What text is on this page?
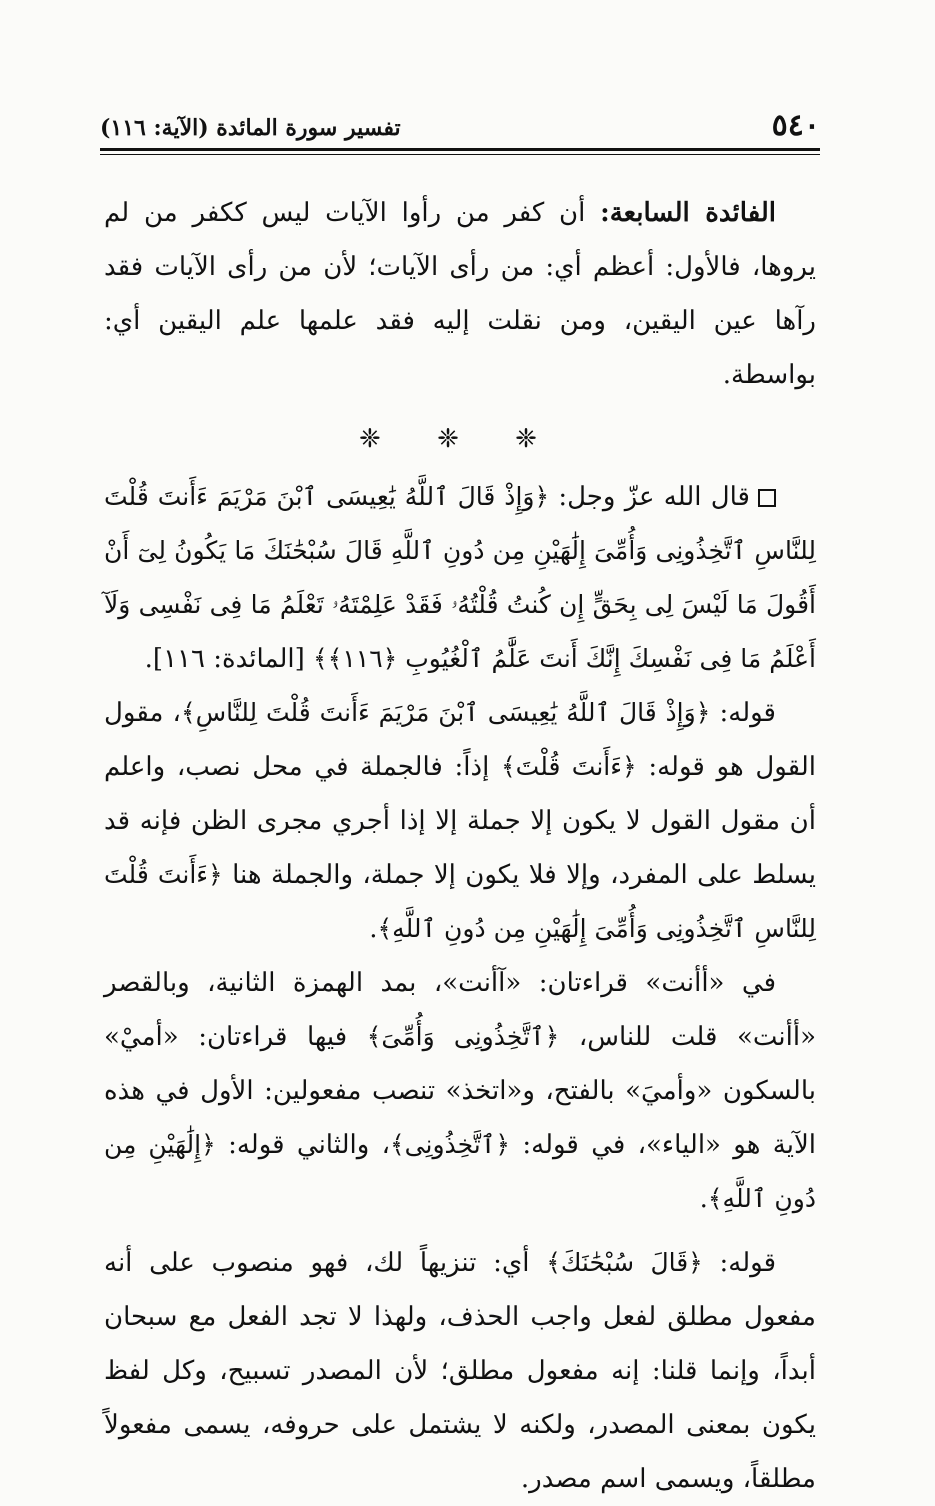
٥٤٠
تفسير سورة المائدة (الآية: ١١٦)

الفائدة السابعة: أن كفر من رأوا الآيات ليس ككفر من لم يروها، فالأول: أعظم أي: من رأى الآيات؛ لأن من رأى الآيات فقد رآها عين اليقين، ومن نقلت إليه فقد علمها علم اليقين أي: بواسطة.

❈ ❈ ❈

قال الله عزّ وجل: ﴿وَإِذْ قَالَ ٱللَّهُ يَٰعِيسَى ٱبْنَ مَرْيَمَ ءَأَنتَ قُلْتَ لِلنَّاسِ ٱتَّخِذُونِى وَأُمِّىَ إِلَٰهَيْنِ مِن دُونِ ٱللَّهِ قَالَ سُبْحَٰنَكَ مَا يَكُونُ لِىٓ أَنْ أَقُولَ مَا لَيْسَ لِى بِحَقٍّ إِن كُنتُ قُلْتُهُۥ فَقَدْ عَلِمْتَهُۥ تَعْلَمُ مَا فِى نَفْسِى وَلَآ أَعْلَمُ مَا فِى نَفْسِكَ إِنَّكَ أَنتَ عَلَّٰمُ ٱلْغُيُوبِ ﴿١١٦﴾﴾ [المائدة: ١١٦].

قوله: ﴿وَإِذْ قَالَ ٱللَّهُ يَٰعِيسَى ٱبْنَ مَرْيَمَ ءَأَنتَ قُلْتَ لِلنَّاسِ﴾، مقول القول هو قوله: ﴿ءَأَنتَ قُلْتَ﴾ إذاً: فالجملة في محل نصب، واعلم أن مقول القول لا يكون إلا جملة إلا إذا أجري مجرى الظن فإنه قد يسلط على المفرد، وإلا فلا يكون إلا جملة، والجملة هنا ﴿ءَأَنتَ قُلْتَ لِلنَّاسِ ٱتَّخِذُونِى وَأُمِّىَ إِلَٰهَيْنِ مِن دُونِ ٱللَّهِ﴾.

في «أأنت» قراءتان: «آأنت»، بمد الهمزة الثانية، وبالقصر «أأنت» قلت للناس، ﴿ٱتَّخِذُونِى وَأُمِّىَ﴾ فيها قراءتان: «أميْ» بالسكون «وأميَ» بالفتح، و«اتخذ» تنصب مفعولين: الأول في هذه الآية هو «الياء»، في قوله: ﴿ٱتَّخِذُونِى﴾، والثاني قوله: ﴿إِلَٰهَيْنِ مِن دُونِ ٱللَّهِ﴾.

قوله: ﴿قَالَ سُبْحَٰنَكَ﴾ أي: تنزيهاً لك، فهو منصوب على أنه مفعول مطلق لفعل واجب الحذف، ولهذا لا تجد الفعل مع سبحان أبداً، وإنما قلنا: إنه مفعول مطلق؛ لأن المصدر تسبيح، وكل لفظ يكون بمعنى المصدر، ولكنه لا يشتمل على حروفه، يسمى مفعولاً مطلقاً، ويسمى اسم مصدر.
